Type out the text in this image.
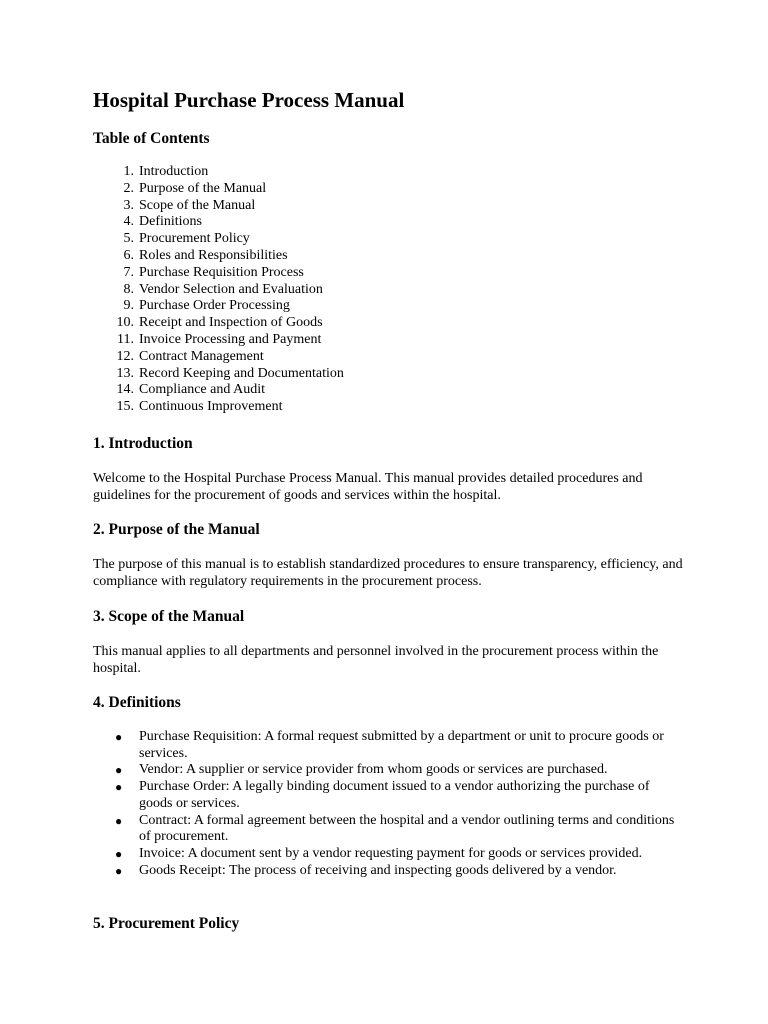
Hospital Purchase Process Manual
Table of Contents
1. Introduction
2. Purpose of the Manual
3. Scope of the Manual
4. Definitions
5. Procurement Policy
6. Roles and Responsibilities
7. Purchase Requisition Process
8. Vendor Selection and Evaluation
9. Purchase Order Processing
10. Receipt and Inspection of Goods
11. Invoice Processing and Payment
12. Contract Management
13. Record Keeping and Documentation
14. Compliance and Audit
15. Continuous Improvement
1. Introduction

Welcome to the Hospital Purchase Process Manual. This manual provides detailed procedures and guidelines for the procurement of goods and services within the hospital.

2. Purpose of the Manual

The purpose of this manual is to establish standardized procedures to ensure transparency, efficiency, and compliance with regulatory requirements in the procurement process.

3. Scope of the Manual

This manual applies to all departments and personnel involved in the procurement process within the hospital.

4. Definitions
● Purchase Requisition: A formal request submitted by a department or unit to procure goods or services.
● Vendor: A supplier or service provider from whom goods or services are purchased.
● Purchase Order: A legally binding document issued to a vendor authorizing the purchase of goods or services.
● Contract: A formal agreement between the hospital and a vendor outlining terms and conditions of procurement.
● Invoice: A document sent by a vendor requesting payment for goods or services provided.
● Goods Receipt: The process of receiving and inspecting goods delivered by a vendor.
5. Procurement Policy
